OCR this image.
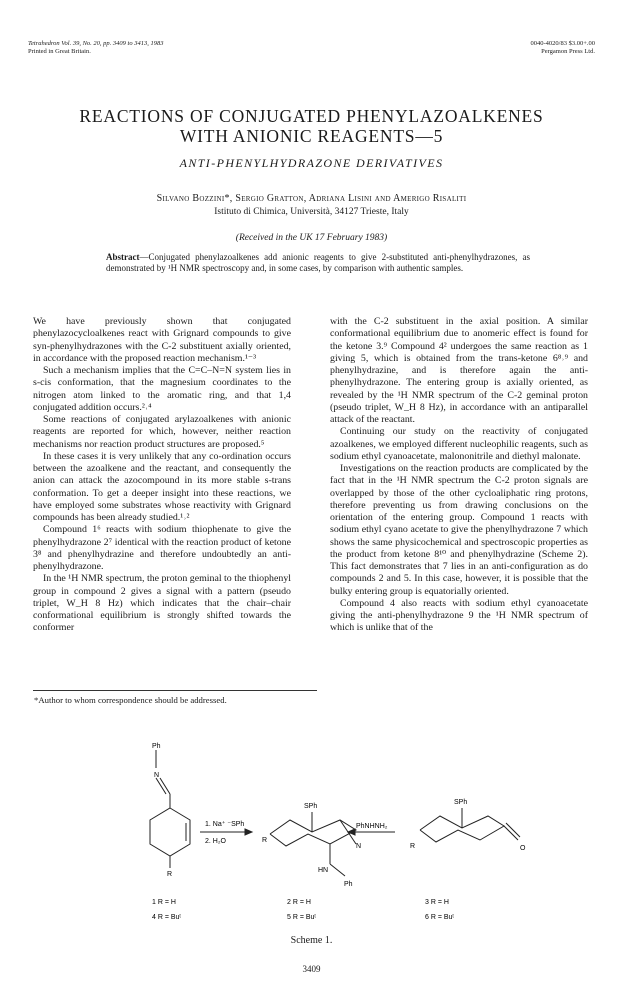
Tetrahedron Vol. 39, No. 20, pp. 3409 to 3413, 1983
Printed in Great Britain.
0040-4020/83 $3.00+.00
Pergamon Press Ltd.
REACTIONS OF CONJUGATED PHENYLAZOALKENES
WITH ANIONIC REAGENTS—5
ANTI-PHENYLHYDRAZONE DERIVATIVES
Silvano Bozzini*, Sergio Gratton, Adriana Lisini and Amerigo Risaliti
Istituto di Chimica, Università, 34127 Trieste, Italy
(Received in the UK 17 February 1983)
Abstract—Conjugated phenylazoalkenes add anionic reagents to give 2-substituted anti-phenylhydrazones, as demonstrated by ¹H NMR spectroscopy and, in some cases, by comparison with authentic samples.

We have previously shown that conjugated phenylazocycloalkenes react with Grignard compounds to give syn-phenylhydrazones with the C-2 substituent axially oriented, in accordance with the proposed reaction mechanism.¹⁻³

Such a mechanism implies that the C=C–N=N system lies in s-cis conformation, that the magnesium coordinates to the nitrogen atom linked to the aromatic ring, and that 1,4 conjugated addition occurs.²˒⁴

Some reactions of conjugated arylazoalkenes with anionic reagents are reported for which, however, neither reaction mechanisms nor reaction product structures are proposed.⁵

In these cases it is very unlikely that any co-ordination occurs between the azoalkene and the reactant, and consequently the anion can attack the azocompound in its more stable s-trans conformation. To get a deeper insight into these reactions, we have employed some substrates whose reactivity with Grignard compounds has been already studied.¹˒²

Compound 1⁶ reacts with sodium thiophenate to give the phenylhydrazone 2⁷ identical with the reaction product of ketone 3⁸ and phenylhydrazine and therefore undoubtedly an anti-phenylhydrazone.

In the ¹H NMR spectrum, the proton geminal to the thiophenyl group in compound 2 gives a signal with a pattern (pseudo triplet, W_H 8 Hz) which indicates that the chair–chair conformational equilibrium is strongly shifted towards the conformer

*Author to whom correspondence should be addressed.

with the C-2 substituent in the axial position. A similar conformational equilibrium due to anomeric effect is found for the ketone 3.⁹ Compound 4² undergoes the same reaction as 1 giving 5, which is obtained from the trans-ketone 6⁸˒⁹ and phenylhydrazine, and is therefore again the anti-phenylhydrazone. The entering group is axially oriented, as revealed by the ¹H NMR spectrum of the C-2 geminal proton (pseudo triplet, W_H 8 Hz), in accordance with an antiparallel attack of the reactant.

Continuing our study on the reactivity of conjugated azoalkenes, we employed different nucleophilic reagents, such as sodium ethyl cyanoacetate, malononitrile and diethyl malonate.

Investigations on the reaction products are complicated by the fact that in the ¹H NMR spectrum the C-2 proton signals are overlapped by those of the other cycloaliphatic ring protons, therefore preventing us from drawing conclusions on the orientation of the entering group. Compound 1 reacts with sodium ethyl cyano acetate to give the phenylhydrazone 7 which shows the same physicochemical and spectroscopic properties as the product from ketone 8¹⁰ and phenylhydrazine (Scheme 2). This fact demonstrates that 7 lies in an anti-configuration as do compounds 2 and 5. In this case, however, it is possible that the bulky entering group is equatorially oriented.

Compound 4 also reacts with sodium ethyl cyanoacetate giving the anti-phenylhydrazone 9 the ¹H NMR spectrum of which is unlike that of the

Ph
N
1. Na⁺ ⁻SPh
2. H₂O
R
SPh
R
HN
N
Ph
PhNHNH₂
SPh
R	O
1 R = H
4 R = Buᵗ
2 R = H
5 R = Buᵗ
3 R = H
6 R = Buᵗ
Scheme 1.
3409
